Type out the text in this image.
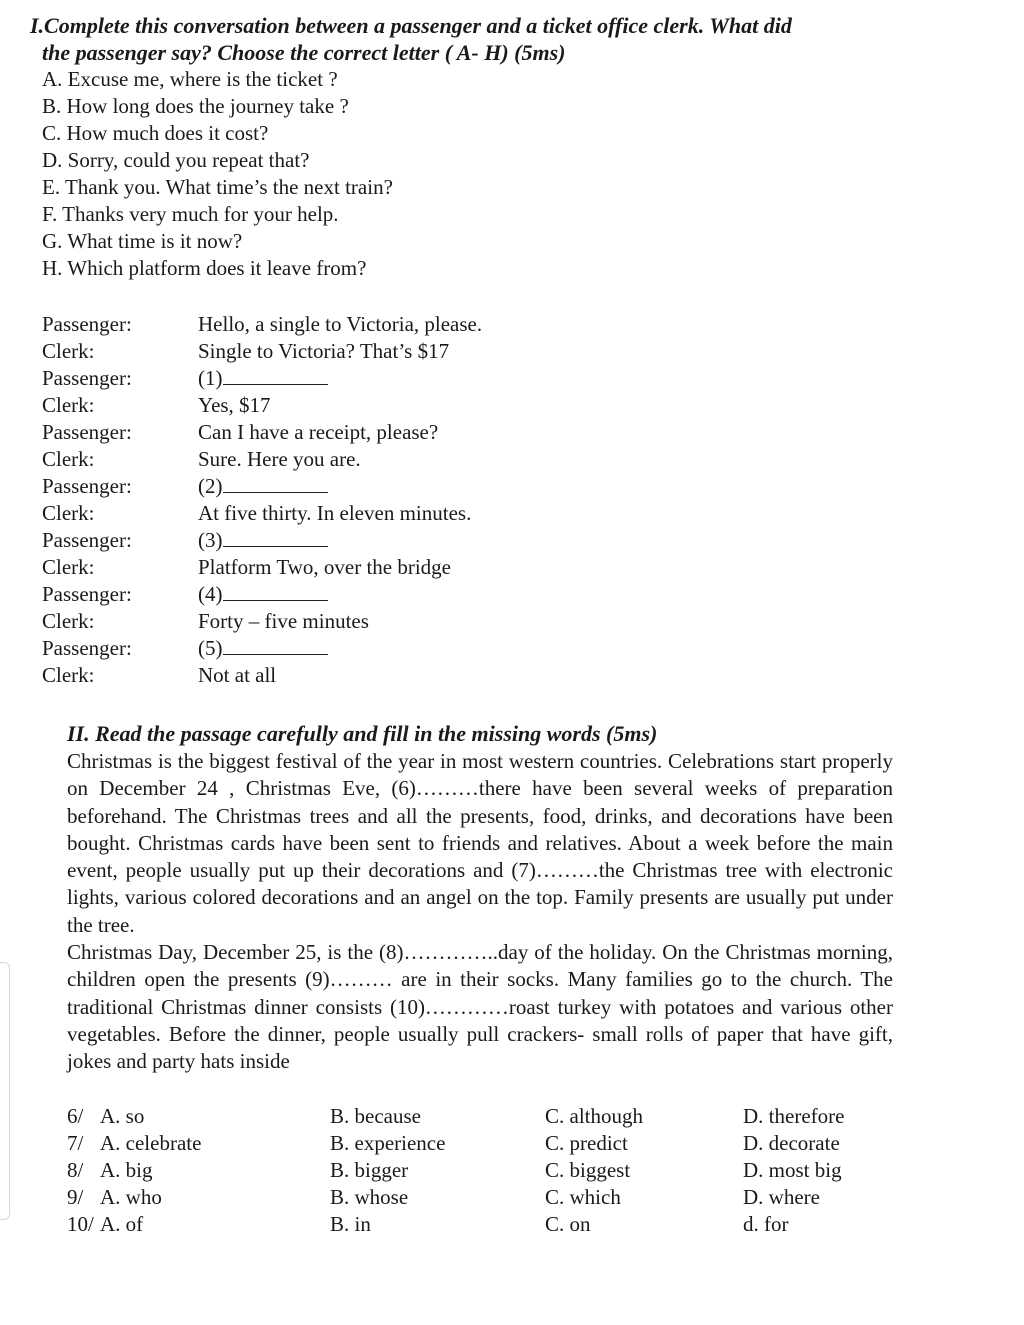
I.Complete this conversation between a passenger and a ticket office clerk. What did
the passenger say? Choose the correct letter ( A- H) (5ms)
A. Excuse me, where is the ticket ?
B. How long does the journey take ?
C. How much does it cost?
D. Sorry, could you repeat that?
E. Thank you. What time’s the next train?
F. Thanks very much for your help.
G. What time is it now?
H. Which platform does it leave from?
Passenger:	Hello, a single to Victoria, please.
Clerk:	Single to Victoria? That’s $17
Passenger:	(1)
Clerk:	Yes, $17
Passenger:	Can I have a receipt, please?
Clerk:	Sure. Here you are.
Passenger:	(2)
Clerk:	At five thirty. In eleven minutes.
Passenger:	(3)
Clerk:	Platform Two, over the bridge
Passenger:	(4)
Clerk:	Forty – five minutes
Passenger:	(5)
Clerk:	Not at all
II. Read the passage carefully and fill in the missing words (5ms)

Christmas is the biggest festival of the year in most western countries. Celebrations start properly on December 24 , Christmas Eve, (6)………there have been several weeks of preparation beforehand. The Christmas trees and all the presents, food, drinks, and decorations have been bought. Christmas cards have been sent to friends and relatives. About a week before the main event, people usually put up their decorations and (7)………the Christmas tree with electronic lights, various colored decorations and an angel on the top. Family presents are usually put under the tree.

Christmas Day, December 25, is the (8)…………..day of the holiday. On the Christmas morning, children open the presents (9)……… are in their socks. Many families go to the church. The traditional Christmas dinner consists (10)…………roast turkey with potatoes and various other vegetables. Before the dinner, people usually pull crackers- small rolls of paper that have gift, jokes and party hats inside

6/ A. so	B. because	C. although	D. therefore
7/ A. celebrate	B. experience	C. predict	D. decorate
8/ A. big	B. bigger	C. biggest	D. most big
9/ A. who	B. whose	C. which	D. where
10/ A. of	B. in	C. on	d. for
